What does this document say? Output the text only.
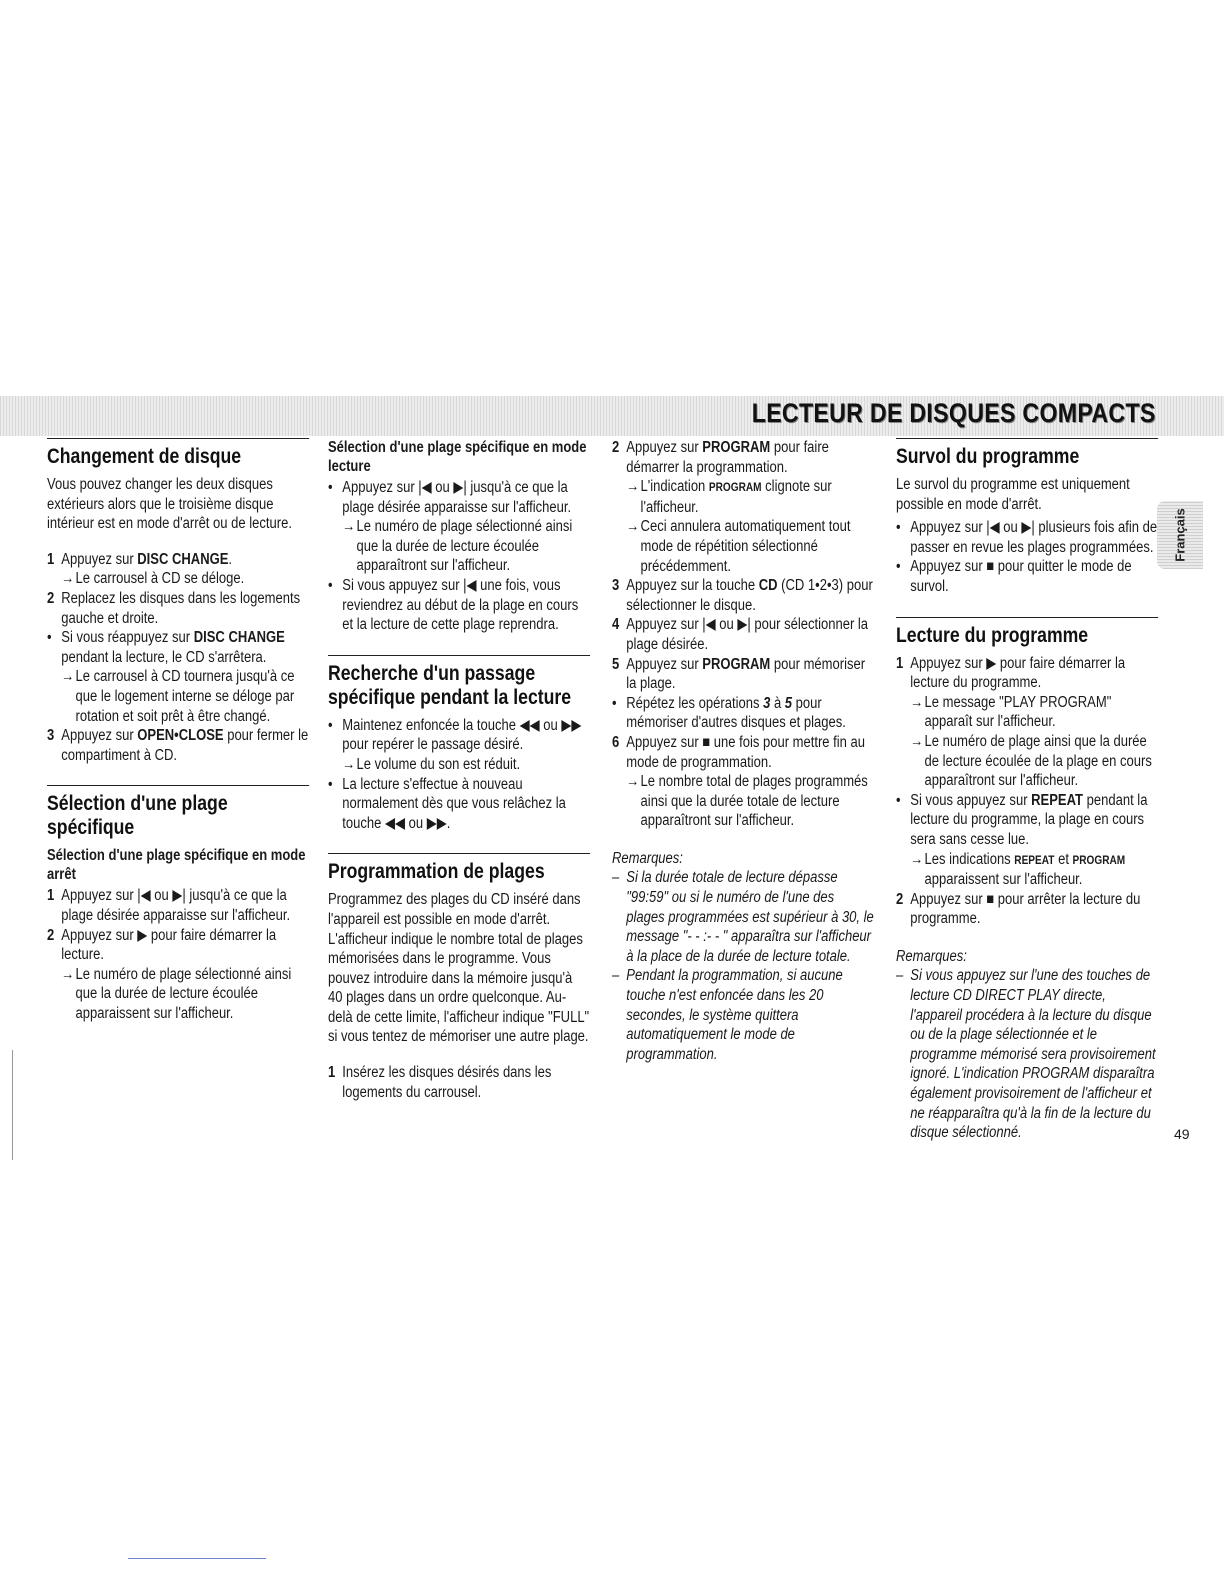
LECTEUR DE DISQUES COMPACTS
Changement de disque

Vous pouvez changer les deux disques extérieurs alors que le troisième disque intérieur est en mode d'arrêt ou de lecture.

1 Appuyez sur DISC CHANGE.
→ Le carrousel à CD se déloge.
2 Replacez les disques dans les logements gauche et droite.
• Si vous réappuyez sur DISC CHANGE pendant la lecture, le CD s'arrêtera.
→ Le carrousel à CD tournera jusqu'à ce que le logement interne se déloge par rotation et soit prêt à être changé.
3 Appuyez sur OPEN•CLOSE pour fermer le compartiment à CD.
Sélection d'une plage spécifique
Sélection d'une plage spécifique en mode arrêt
1 Appuyez sur |◀ ou ▶| jusqu'à ce que la plage désirée apparaisse sur l'afficheur.
2 Appuyez sur ▶ pour faire démarrer la lecture.
→ Le numéro de plage sélectionné ainsi que la durée de lecture écoulée apparaissent sur l'afficheur.
Sélection d'une plage spécifique en mode lecture
• Appuyez sur |◀ ou ▶| jusqu'à ce que la plage désirée apparaisse sur l'afficheur.
→ Le numéro de plage sélectionné ainsi que la durée de lecture écoulée apparaîtront sur l'afficheur.
• Si vous appuyez sur |◀ une fois, vous reviendrez au début de la plage en cours et la lecture de cette plage reprendra.
Recherche d'un passage spécifique pendant la lecture
• Maintenez enfoncée la touche ◀◀ ou ▶▶ pour repérer le passage désiré.
→ Le volume du son est réduit.
• La lecture s'effectue à nouveau normalement dès que vous relâchez la touche ◀◀ ou ▶▶.
Programmation de plages

Programmez des plages du CD inséré dans l'appareil est possible en mode d'arrêt. L'afficheur indique le nombre total de plages mémorisées dans le programme. Vous pouvez introduire dans la mémoire jusqu'à 40 plages dans un ordre quelconque. Au-delà de cette limite, l'afficheur indique "FULL" si vous tentez de mémoriser une autre plage.

1 Insérez les disques désirés dans les logements du carrousel.
2 Appuyez sur PROGRAM pour faire démarrer la programmation.
→ L'indication PROGRAM clignote sur l'afficheur.
→ Ceci annulera automatiquement tout mode de répétition sélectionné précédemment.
3 Appuyez sur la touche CD (CD 1•2•3) pour sélectionner le disque.
4 Appuyez sur |◀ ou ▶| pour sélectionner la plage désirée.
5 Appuyez sur PROGRAM pour mémoriser la plage.
• Répétez les opérations 3 à 5 pour mémoriser d'autres disques et plages.
6 Appuyez sur ■ une fois pour mettre fin au mode de programmation.
→ Le nombre total de plages programmés ainsi que la durée totale de lecture apparaîtront sur l'afficheur.
Remarques:
– Si la durée totale de lecture dépasse "99:59" ou si le numéro de l'une des plages programmées est supérieur à 30, le message "- - :- - " apparaîtra sur l'afficheur à la place de la durée de lecture totale.
– Pendant la programmation, si aucune touche n'est enfoncée dans les 20 secondes, le système quittera automatiquement le mode de programmation.
Survol du programme

Le survol du programme est uniquement possible en mode d'arrêt.

• Appuyez sur |◀ ou ▶| plusieurs fois afin de passer en revue les plages programmées.
• Appuyez sur ■ pour quitter le mode de survol.
Lecture du programme
1 Appuyez sur ▶ pour faire démarrer la lecture du programme.
→ Le message "PLAY PROGRAM" apparaît sur l'afficheur.
→ Le numéro de plage ainsi que la durée de lecture écoulée de la plage en cours apparaîtront sur l'afficheur.
• Si vous appuyez sur REPEAT pendant la lecture du programme, la plage en cours sera sans cesse lue.
→ Les indications REPEAT et PROGRAM apparaissent sur l'afficheur.
2 Appuyez sur ■ pour arrêter la lecture du programme.
Remarques:
– Si vous appuyez sur l'une des touches de lecture CD DIRECT PLAY directe, l'appareil procédera à la lecture du disque ou de la plage sélectionnée et le programme mémorisé sera provisoirement ignoré. L'indication PROGRAM disparaîtra également provisoirement de l'afficheur et ne réapparaîtra qu'à la fin de la lecture du disque sélectionné.
Français
49
